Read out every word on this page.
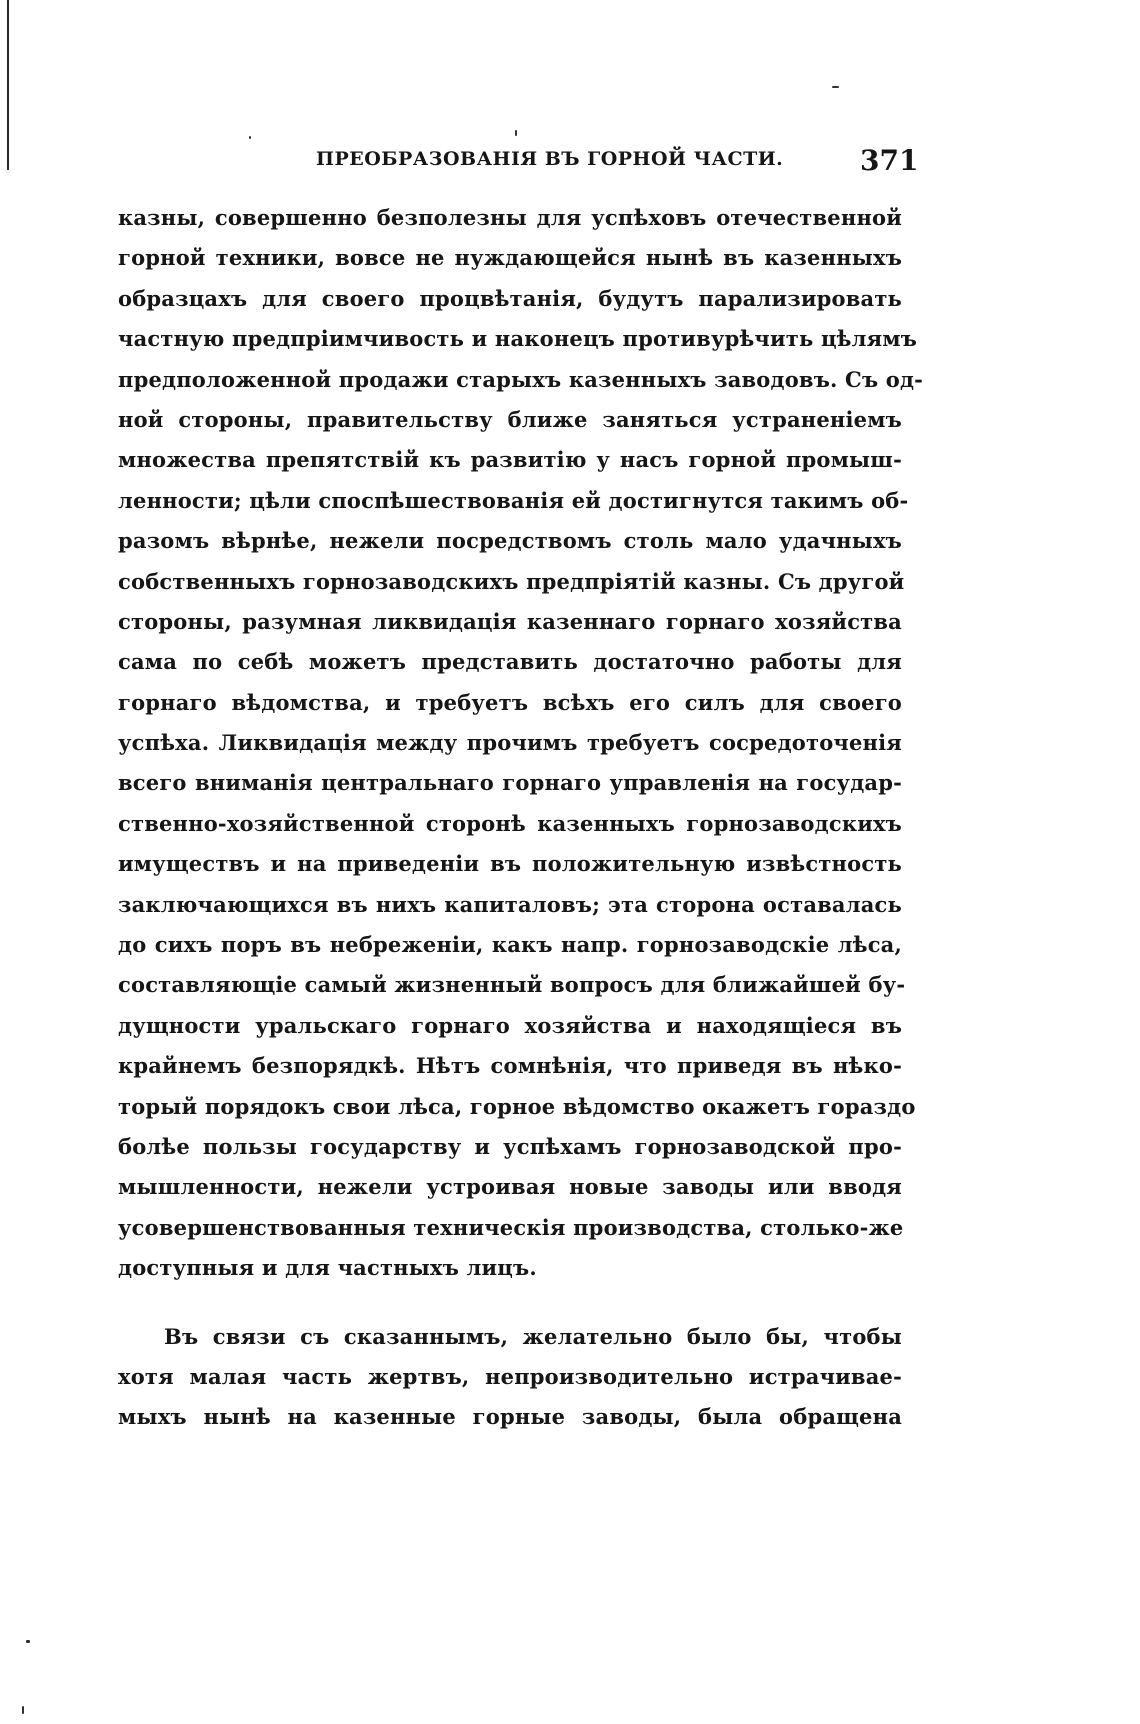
ПРЕОБРАЗОВАНІЯ ВЪ ГОРНОЙ ЧАСТИ.	371
казны, совершенно безполезны для успѣховъ отечественной
горной техники, вовсе не нуждающейся нынѣ въ казенныхъ
образцахъ для своего процвѣтанія, будутъ парализировать
частную предпріимчивость и наконецъ противурѣчить цѣлямъ
предположенной продажи старыхъ казенныхъ заводовъ. Съ од-
ной стороны, правительству ближе заняться устраненіемъ
множества препятствій къ развитію у насъ горной промыш-
ленности; цѣли споспѣшествованія ей достигнутся такимъ об-
разомъ вѣрнѣе, нежели посредствомъ столь мало удачныхъ
собственныхъ горнозаводскихъ предпріятій казны. Съ другой
стороны, разумная ликвидація казеннаго горнаго хозяйства
сама по себѣ можетъ представить достаточно работы для
горнаго вѣдомства, и требуетъ всѣхъ его силъ для своего
успѣха. Ликвидація между прочимъ требуетъ сосредоточенія
всего вниманія центральнаго горнаго управленія на государ-
ственно-хозяйственной сторонѣ казенныхъ горнозаводскихъ
имуществъ и на приведеніи въ положительную извѣстность
заключающихся въ нихъ капиталовъ; эта сторона оставалась
до сихъ поръ въ небреженіи, какъ напр. горнозаводскіе лѣса,
составляющіе самый жизненный вопросъ для ближайшей бу-
дущности уральскаго горнаго хозяйства и находящіеся въ
крайнемъ безпорядкѣ. Нѣтъ сомнѣнія, что приведя въ нѣко-
торый порядокъ свои лѣса, горное вѣдомство окажетъ гораздо
болѣе пользы государству и успѣхамъ горнозаводской про-
мышленности, нежели устроивая новые заводы или вводя
усовершенствованныя техническія производства, столько-же
доступныя и для частныхъ лицъ.
Въ связи съ сказаннымъ, желательно было бы, чтобы
хотя малая часть жертвъ, непроизводительно истрачивае-
мыхъ нынѣ на казенные горные заводы, была обращена
